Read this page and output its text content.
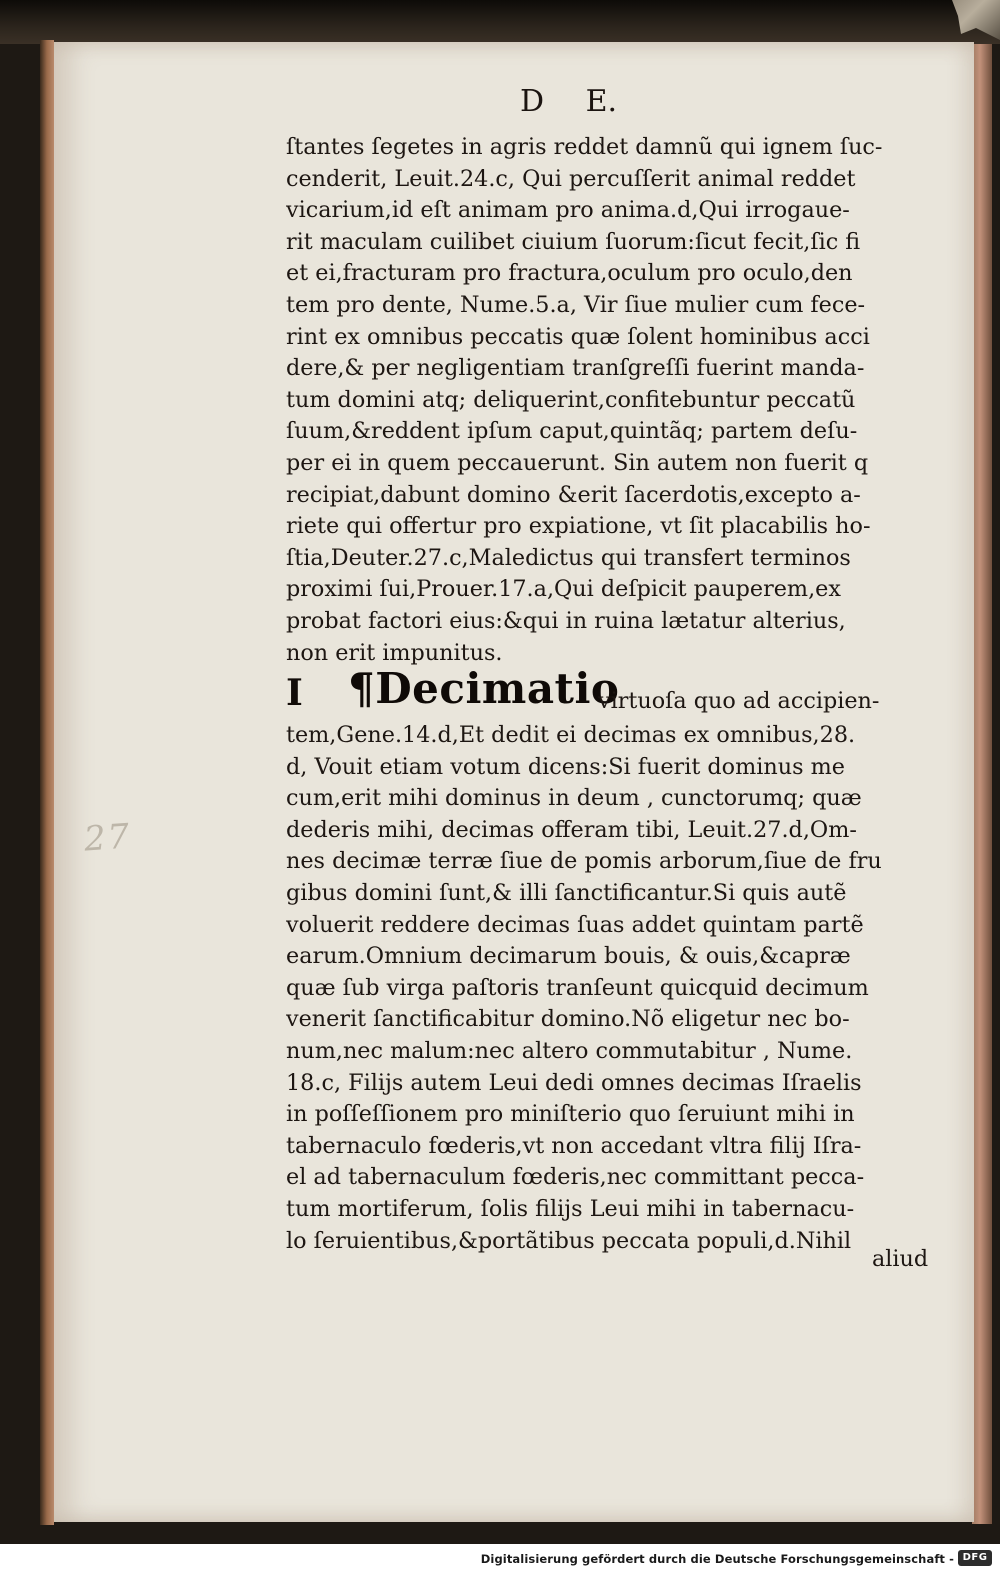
D E.
ſtantes ſegetes in agris reddet damnũ qui ignem ſuc-
cenderit, Leuit.24.c, Qui percuſſerit animal reddet
vicarium,id eſt animam pro anima.d,Qui irrogaue-
rit maculam cuilibet ciuium ſuorum:ſicut fecit,ſic fi
et ei,fracturam pro fractura,oculum pro oculo,den
tem pro dente, Nume.5.a, Vir ſiue mulier cum fece-
rint ex omnibus peccatis quæ ſolent hominibus acci
dere,& per negligentiam tranſgreſſi fuerint manda-
tum domini atq; deliquerint,confitebuntur peccatũ
ſuum,&reddent ipſum caput,quintãq; partem deſu-
per ei in quem peccauerunt. Sin autem non fuerit q
recipiat,dabunt domino &erit ſacerdotis,excepto a-
riete qui offertur pro expiatione, vt ſit placabilis ho-
ſtia,Deuter.27.c,Maledictus qui transfert terminos
proximi ſui,Prouer.17.a,Qui deſpicit pauperem,ex
probat factori eius:&qui in ruina lætatur alterius,
non erit impunitus.
I ¶Decimatio
virtuoſa quo ad accipien-
tem,Gene.14.d,Et dedit ei decimas ex omnibus,28.
d, Vouit etiam votum dicens:Si fuerit dominus me
cum,erit mihi dominus in deum , cunctorumq; quæ
dederis mihi, decimas offeram tibi, Leuit.27.d,Om-
nes decimæ terræ ſiue de pomis arborum,ſiue de fru
gibus domini ſunt,& illi ſanctificantur.Si quis autẽ
voluerit reddere decimas ſuas addet quintam partẽ
earum.Omnium decimarum bouis, & ouis,&capræ
quæ ſub virga paſtoris tranſeunt quicquid decimum
venerit ſanctificabitur domino.Nõ eligetur nec bo-
num,nec malum:nec altero commutabitur , Nume.
18.c, Filijs autem Leui dedi omnes decimas Iſraelis
in poſſeſſionem pro miniſterio quo ſeruiunt mihi in
tabernaculo fœderis,vt non accedant vltra filij Iſra-
el ad tabernaculum fœderis,nec committant pecca-
tum mortiferum, ſolis filijs Leui mihi in tabernacu-
lo ſeruientibus,&portãtibus peccata populi,d.Nihil
aliud
27
Digitalisierung gefördert durch die Deutsche Forschungsgemeinschaft - DFG
